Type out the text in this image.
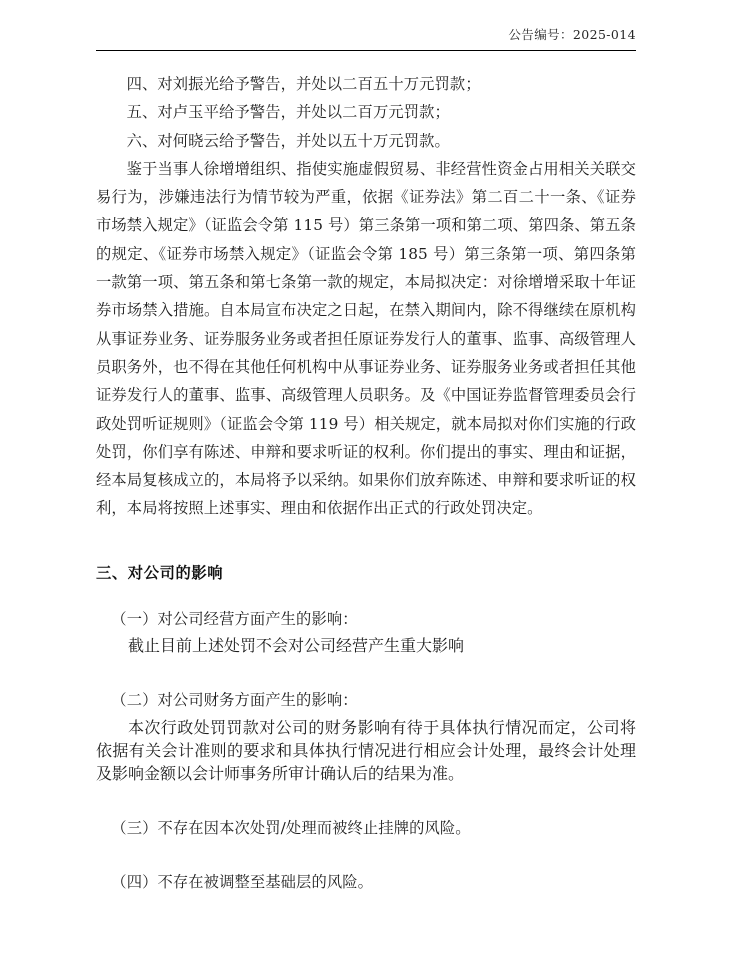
公告编号：2025-014
四、对刘振光给予警告，并处以二百五十万元罚款；
五、对卢玉平给予警告，并处以二百万元罚款；
六、对何晓云给予警告，并处以五十万元罚款。

鉴于当事人徐增增组织、指使实施虚假贸易、非经营性资金占用相关关联交易行为，涉嫌违法行为情节较为严重，依据《证券法》第二百二十一条、《证券市场禁入规定》（证监会令第 115 号）第三条第一项和第二项、第四条、第五条的规定、《证券市场禁入规定》（证监会令第 185 号）第三条第一项、第四条第一款第一项、第五条和第七条第一款的规定，本局拟决定：对徐增增采取十年证券市场禁入措施。自本局宣布决定之日起，在禁入期间内，除不得继续在原机构从事证券业务、证券服务业务或者担任原证券发行人的董事、监事、高级管理人员职务外，也不得在其他任何机构中从事证券业务、证券服务业务或者担任其他证券发行人的董事、监事、高级管理人员职务。及《中国证券监督管理委员会行政处罚听证规则》（证监会令第 119 号）相关规定，就本局拟对你们实施的行政处罚，你们享有陈述、申辩和要求听证的权利。你们提出的事实、理由和证据，经本局复核成立的，本局将予以采纳。如果你们放弃陈述、申辩和要求听证的权利，本局将按照上述事实、理由和依据作出正式的行政处罚决定。

三、对公司的影响
（一）对公司经营方面产生的影响：

截止目前上述处罚不会对公司经营产生重大影响

（二）对公司财务方面产生的影响：

本次行政处罚罚款对公司的财务影响有待于具体执行情况而定，公司将依据有关会计准则的要求和具体执行情况进行相应会计处理，最终会计处理及影响金额以会计师事务所审计确认后的结果为准。

（三）不存在因本次处罚/处理而被终止挂牌的风险。
（四）不存在被调整至基础层的风险。
